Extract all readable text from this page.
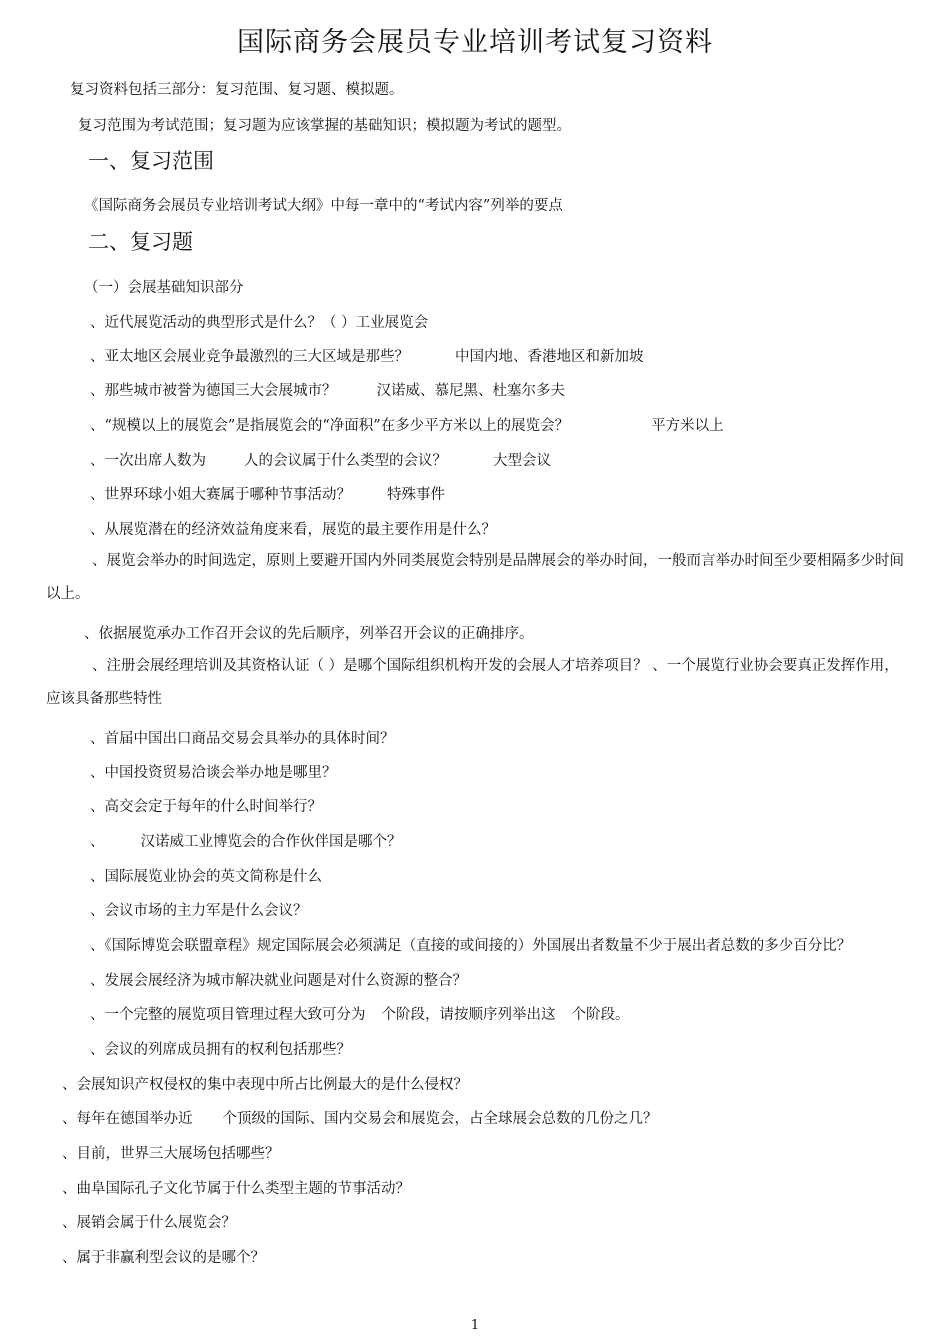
国际商务会展员专业培训考试复习资料
复习资料包括三部分：复习范围、复习题、模拟题。
复习范围为考试范围；复习题为应该掌握的基础知识；模拟题为考试的题型。
一、复习范围
《国际商务会展员专业培训考试大纲》中每一章中的“考试内容”列举的要点
二、复习题
（一）会展基础知识部分
、近代展览活动的典型形式是什么？（ ）工业展览会
、亚太地区会展业竞争最激烈的三大区域是那些？	中国内地、香港地区和新加坡
、那些城市被誉为德国三大会展城市？	汉诺威、慕尼黑、杜塞尔多夫
、“规模以上的展览会”是指展览会的“净面积”在多少平方米以上的展览会？	平方米以上
、一次出席人数为	人的会议属于什么类型的会议？	大型会议
、世界环球小姐大赛属于哪种节事活动？ 特殊事件
、从展览潜在的经济效益角度来看，展览的最主要作用是什么？
、展览会举办的时间选定，原则上要避开国内外同类展览会特别是品牌展会的举办时间，一般而言举办时间至少要相隔多少时间以上。
、依据展览承办工作召开会议的先后顺序，列举召开会议的正确排序。
、注册会展经理培训及其资格认证（ ）是哪个国际组织机构开发的会展人才培养项目？ 、一个展览行业协会要真正发挥作用，应该具备那些特性
、首届中国出口商品交易会具举办的具体时间？
、中国投资贸易洽谈会举办地是哪里？
、高交会定于每年的什么时间举行？
、 汉诺威工业博览会的合作伙伴国是哪个？
、国际展览业协会的英文简称是什么
、会议市场的主力军是什么会议？
、《国际博览会联盟章程》规定国际展会必须满足（直接的或间接的）外国展出者数量不少于展出者总数的多少百分比？
、发展会展经济为城市解决就业问题是对什么资源的整合？
、一个完整的展览项目管理过程大致可分为 个阶段，请按顺序列举出这 个阶段。
、会议的列席成员拥有的权利包括那些？
、会展知识产权侵权的集中表现中所占比例最大的是什么侵权？
、每年在德国举办近 个顶级的国际、国内交易会和展览会，占全球展会总数的几份之几？
、目前，世界三大展场包括哪些？
、曲阜国际孔子文化节属于什么类型主题的节事活动？
、展销会属于什么展览会？
、属于非赢利型会议的是哪个？
1
